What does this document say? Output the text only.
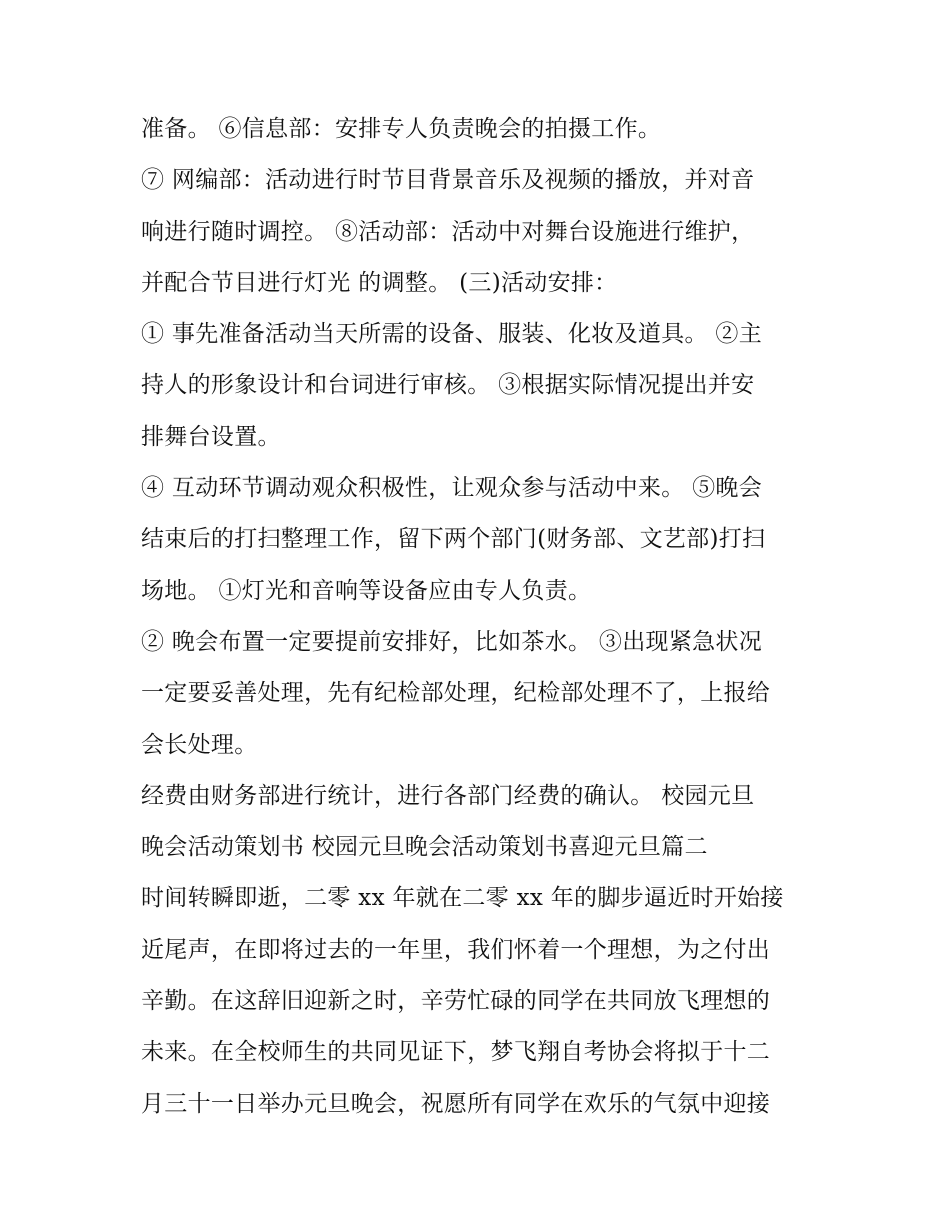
准备。 ⑥信息部：安排专人负责晚会的拍摄工作。
⑦ 网编部：活动进行时节目背景音乐及视频的播放，并对音
响进行随时调控。 ⑧活动部：活动中对舞台设施进行维护，
并配合节目进行灯光 的调整。 (三)活动安排：
① 事先准备活动当天所需的设备、服装、化妆及道具。 ②主
持人的形象设计和台词进行审核。 ③根据实际情况提出并安
排舞台设置。
④ 互动环节调动观众积极性，让观众参与活动中来。 ⑤晚会
结束后的打扫整理工作，留下两个部门(财务部、文艺部)打扫
场地。 ①灯光和音响等设备应由专人负责。
② 晚会布置一定要提前安排好，比如茶水。 ③出现紧急状况
一定要妥善处理，先有纪检部处理，纪检部处理不了，上报给
会长处理。
经费由财务部进行统计，进行各部门经费的确认。 校园元旦
晚会活动策划书 校园元旦晚会活动策划书喜迎元旦篇二
时间转瞬即逝，二零 xx 年就在二零 xx 年的脚步逼近时开始接
近尾声，在即将过去的一年里，我们怀着一个理想，为之付出
辛勤。在这辞旧迎新之时，辛劳忙碌的同学在共同放飞理想的
未来。在全校师生的共同见证下，梦飞翔自考协会将拟于十二
月三十一日举办元旦晚会，祝愿所有同学在欢乐的气氛中迎接
